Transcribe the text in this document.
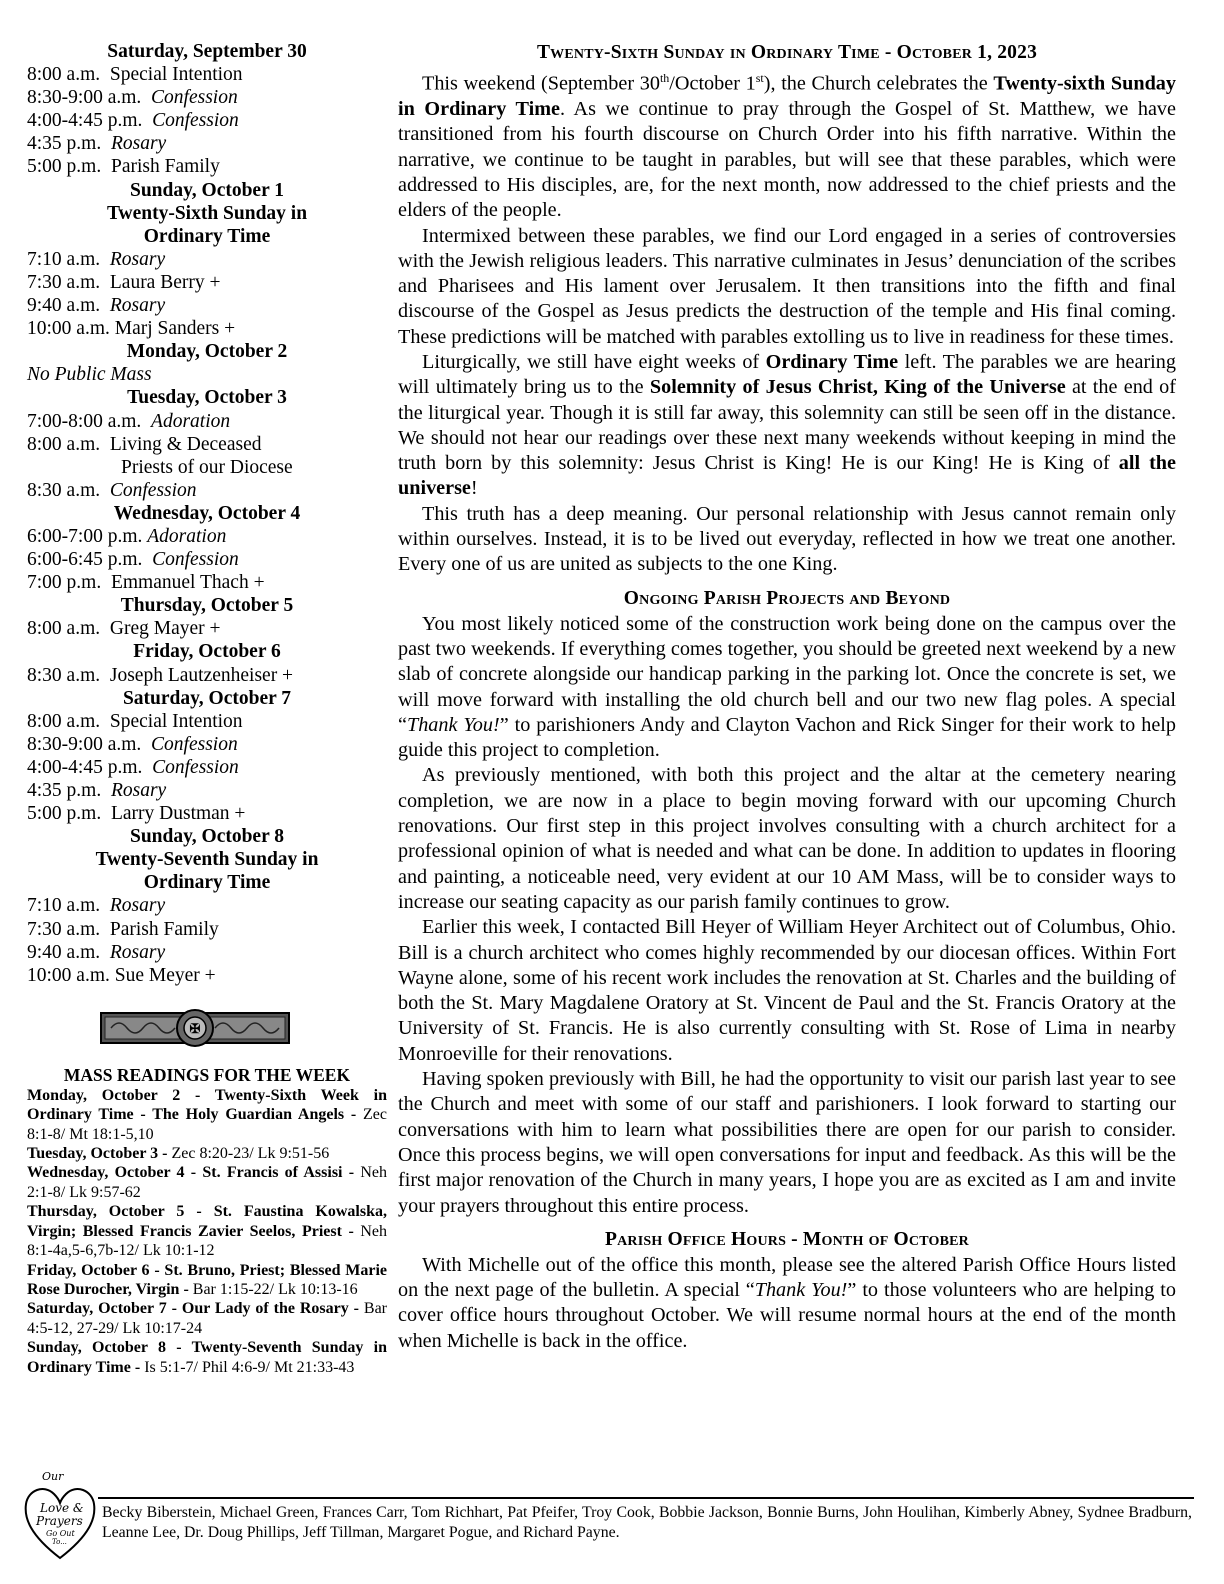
Saturday, September 30
8:00 a.m.  Special Intention
8:30-9:00 a.m.  Confession
4:00-4:45 p.m.  Confession
4:35 p.m.  Rosary
5:00 p.m.  Parish Family
Sunday, October 1
Twenty-Sixth Sunday in
Ordinary Time
7:10 a.m.  Rosary
7:30 a.m.  Laura Berry +
9:40 a.m.  Rosary
10:00 a.m. Marj Sanders +
Monday, October 2
No Public Mass
Tuesday, October 3
7:00-8:00 a.m.  Adoration
8:00 a.m.  Living & Deceased
Priests of our Diocese
8:30 a.m.  Confession
Wednesday, October 4
6:00-7:00 p.m. Adoration
6:00-6:45 p.m.  Confession
7:00 p.m.  Emmanuel Thach +
Thursday, October 5
8:00 a.m.  Greg Mayer +
Friday, October 6
8:30 a.m.  Joseph Lautzenheiser +
Saturday, October 7
8:00 a.m.  Special Intention
8:30-9:00 a.m.  Confession
4:00-4:45 p.m.  Confession
4:35 p.m.  Rosary
5:00 p.m.  Larry Dustman +
Sunday, October 8
Twenty-Seventh Sunday in
Ordinary Time
7:10 a.m.  Rosary
7:30 a.m.  Parish Family
9:40 a.m.  Rosary
10:00 a.m. Sue Meyer +
✠
MASS READINGS FOR THE WEEK
Monday, October 2 - Twenty-Sixth Week in Ordinary Time - The Holy Guardian Angels - Zec 8:1-8/ Mt 18:1-5,10
Tuesday, October 3 - Zec 8:20-23/ Lk 9:51-56
Wednesday, October 4 - St. Francis of Assisi - Neh 2:1-8/ Lk 9:57-62
Thursday, October 5 - St. Faustina Kowalska, Virgin; Blessed Francis Zavier Seelos, Priest - Neh 8:1-4a,5-6,7b-12/ Lk 10:1-12
Friday, October 6 - St. Bruno, Priest; Blessed Marie Rose Durocher, Virgin - Bar 1:15-22/ Lk 10:13-16
Saturday, October 7 - Our Lady of the Rosary - Bar 4:5-12, 27-29/ Lk 10:17-24
Sunday, October 8 - Twenty-Seventh Sunday in Ordinary Time - Is 5:1-7/ Phil 4:6-9/ Mt 21:33-43
Twenty-Sixth Sunday in Ordinary Time - October 1, 2023

This weekend (September 30th/October 1st), the Church celebrates the Twenty-sixth Sunday in Ordinary Time. As we continue to pray through the Gospel of St. Matthew, we have transitioned from his fourth discourse on Church Order into his fifth narrative. Within the narrative, we continue to be taught in parables, but will see that these parables, which were addressed to His disciples, are, for the next month, now addressed to the chief priests and the elders of the people.

Intermixed between these parables, we find our Lord engaged in a series of controversies with the Jewish religious leaders. This narrative culminates in Jesus’ denunciation of the scribes and Pharisees and His lament over Jerusalem. It then transitions into the fifth and final discourse of the Gospel as Jesus predicts the destruction of the temple and His final coming. These predictions will be matched with parables extolling us to live in readiness for these times.

Liturgically, we still have eight weeks of Ordinary Time left. The parables we are hearing will ultimately bring us to the Solemnity of Jesus Christ, King of the Universe at the end of the liturgical year. Though it is still far away, this solemnity can still be seen off in the distance. We should not hear our readings over these next many weekends without keeping in mind the truth born by this solemnity: Jesus Christ is King! He is our King! He is King of all the universe!

This truth has a deep meaning. Our personal relationship with Jesus cannot remain only within ourselves. Instead, it is to be lived out everyday, reflected in how we treat one another. Every one of us are united as subjects to the one King.

Ongoing Parish Projects and Beyond

You most likely noticed some of the construction work being done on the campus over the past two weekends. If everything comes together, you should be greeted next weekend by a new slab of concrete alongside our handicap parking in the parking lot. Once the concrete is set, we will move forward with installing the old church bell and our two new flag poles. A special “Thank You!” to parishioners Andy and Clayton Vachon and Rick Singer for their work to help guide this project to completion.

As previously mentioned, with both this project and the altar at the cemetery nearing completion, we are now in a place to begin moving forward with our upcoming Church renovations. Our first step in this project involves consulting with a church architect for a professional opinion of what is needed and what can be done. In addition to updates in flooring and painting, a noticeable need, very evident at our 10 AM Mass, will be to consider ways to increase our seating capacity as our parish family continues to grow.

Earlier this week, I contacted Bill Heyer of William Heyer Architect out of Columbus, Ohio. Bill is a church architect who comes highly recommended by our diocesan offices. Within Fort Wayne alone, some of his recent work includes the renovation at St. Charles and the building of both the St. Mary Magdalene Oratory at St. Vincent de Paul and the St. Francis Oratory at the University of St. Francis. He is also currently consulting with St. Rose of Lima in nearby Monroeville for their renovations.

Having spoken previously with Bill, he had the opportunity to visit our parish last year to see the Church and meet with some of our staff and parishioners. I look forward to starting our conversations with him to learn what possibilities there are open for our parish to consider. Once this process begins, we will open conversations for input and feedback. As this will be the first major renovation of the Church in many years, I hope you are as excited as I am and invite your prayers throughout this entire process.

Parish Office Hours - Month of October

With Michelle out of the office this month, please see the altered Parish Office Hours listed on the next page of the bulletin. A special “Thank You!” to those volunteers who are helping to cover office hours throughout October. We will resume normal hours at the end of the month when Michelle is back in the office.

Our
Love &
Prayers
Go Out
To...
Becky Biberstein, Michael Green, Frances Carr, Tom Richhart, Pat Pfeifer, Troy Cook, Bobbie Jackson, Bonnie Burns, John Houlihan, Kimberly Abney, Sydnee Bradburn, Leanne Lee, Dr. Doug Phillips, Jeff Tillman, Margaret Pogue, and Richard Payne.
